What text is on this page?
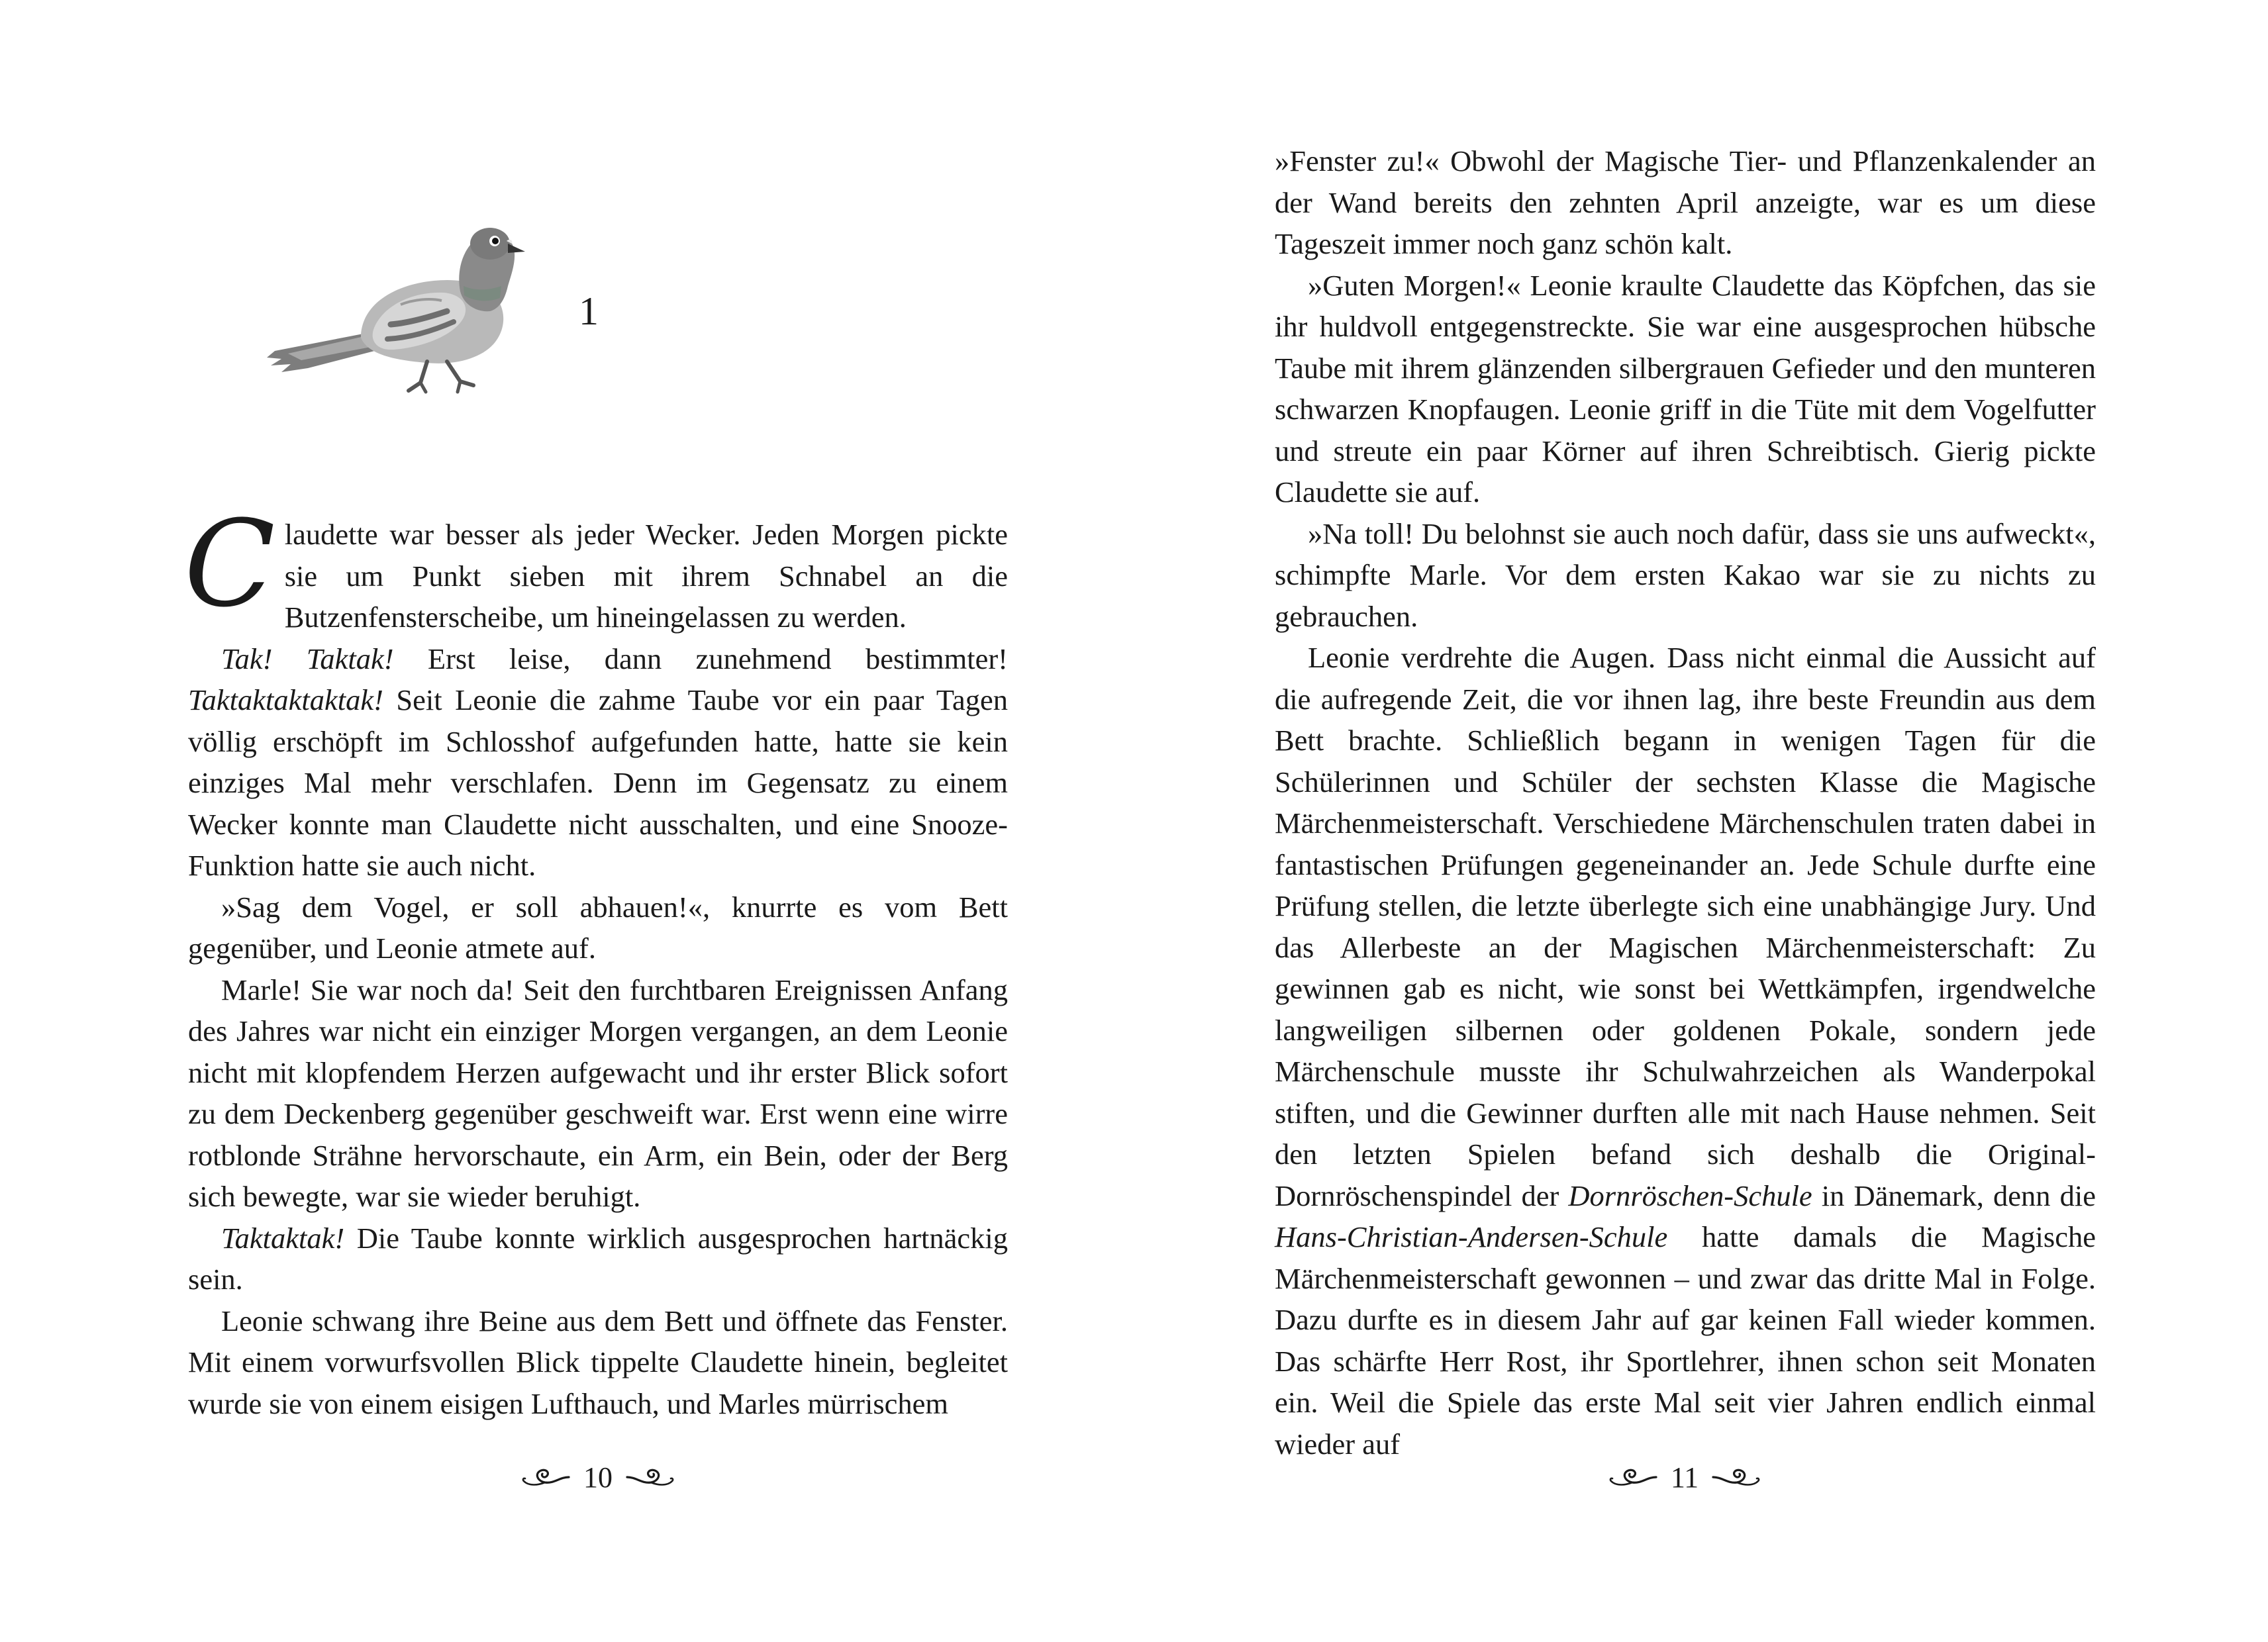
1

Claudette war besser als jeder Wecker. Jeden Morgen pickte sie um Punkt sieben mit ihrem Schnabel an die Butzenfensterscheibe, um hineingelassen zu werden.

Tak! Taktak! Erst leise, dann zunehmend bestimmter! Taktaktaktaktak! Seit Leonie die zahme Taube vor ein paar Tagen völlig erschöpft im Schlosshof aufgefunden hatte, hatte sie kein einziges Mal mehr verschlafen. Denn im Gegensatz zu einem Wecker konnte man Claudette nicht ausschalten, und eine Snooze-Funktion hatte sie auch nicht.

»Sag dem Vogel, er soll abhauen!«, knurrte es vom Bett gegenüber, und Leonie atmete auf.

Marle! Sie war noch da! Seit den furchtbaren Ereignissen Anfang des Jahres war nicht ein einziger Morgen vergangen, an dem Leonie nicht mit klopfendem Herzen aufgewacht und ihr erster Blick sofort zu dem Deckenberg gegenüber geschweift war. Erst wenn eine wirre rotblonde Strähne hervorschaute, ein Arm, ein Bein, oder der Berg sich bewegte, war sie wieder beruhigt.

Taktaktak! Die Taube konnte wirklich ausgesprochen hartnäckig sein.

Leonie schwang ihre Beine aus dem Bett und öffnete das Fenster. Mit einem vorwurfsvollen Blick tippelte Claudette hinein, begleitet wurde sie von einem eisigen Lufthauch, und Marles mürrischem

10

»Fenster zu!« Obwohl der Magische Tier- und Pflanzenkalender an der Wand bereits den zehnten April anzeigte, war es um diese Tageszeit immer noch ganz schön kalt.

»Guten Morgen!« Leonie kraulte Claudette das Köpfchen, das sie ihr huldvoll entgegenstreckte. Sie war eine ausgesprochen hübsche Taube mit ihrem glänzenden silbergrauen Gefieder und den munteren schwarzen Knopfaugen. Leonie griff in die Tüte mit dem Vogelfutter und streute ein paar Körner auf ihren Schreibtisch. Gierig pickte Claudette sie auf.

»Na toll! Du belohnst sie auch noch dafür, dass sie uns aufweckt«, schimpfte Marle. Vor dem ersten Kakao war sie zu nichts zu gebrauchen.

Leonie verdrehte die Augen. Dass nicht einmal die Aussicht auf die aufregende Zeit, die vor ihnen lag, ihre beste Freundin aus dem Bett brachte. Schließlich begann in wenigen Tagen für die Schülerinnen und Schüler der sechsten Klasse die Magische Märchenmeisterschaft. Verschiedene Märchenschulen traten dabei in fantastischen Prüfungen gegeneinander an. Jede Schule durfte eine Prüfung stellen, die letzte überlegte sich eine unabhängige Jury. Und das Allerbeste an der Magischen Märchenmeisterschaft: Zu gewinnen gab es nicht, wie sonst bei Wettkämpfen, irgendwelche langweiligen silbernen oder goldenen Pokale, sondern jede Märchenschule musste ihr Schulwahrzeichen als Wanderpokal stiften, und die Gewinner durften alle mit nach Hause nehmen. Seit den letzten Spielen befand sich deshalb die Original-Dornröschenspindel der Dornröschen-Schule in Dänemark, denn die Hans-Christian-Andersen-Schule hatte damals die Magische Märchenmeisterschaft gewonnen – und zwar das dritte Mal in Folge. Dazu durfte es in diesem Jahr auf gar keinen Fall wieder kommen. Das schärfte Herr Rost, ihr Sportlehrer, ihnen schon seit Monaten ein. Weil die Spiele das erste Mal seit vier Jahren endlich einmal wieder auf

11
